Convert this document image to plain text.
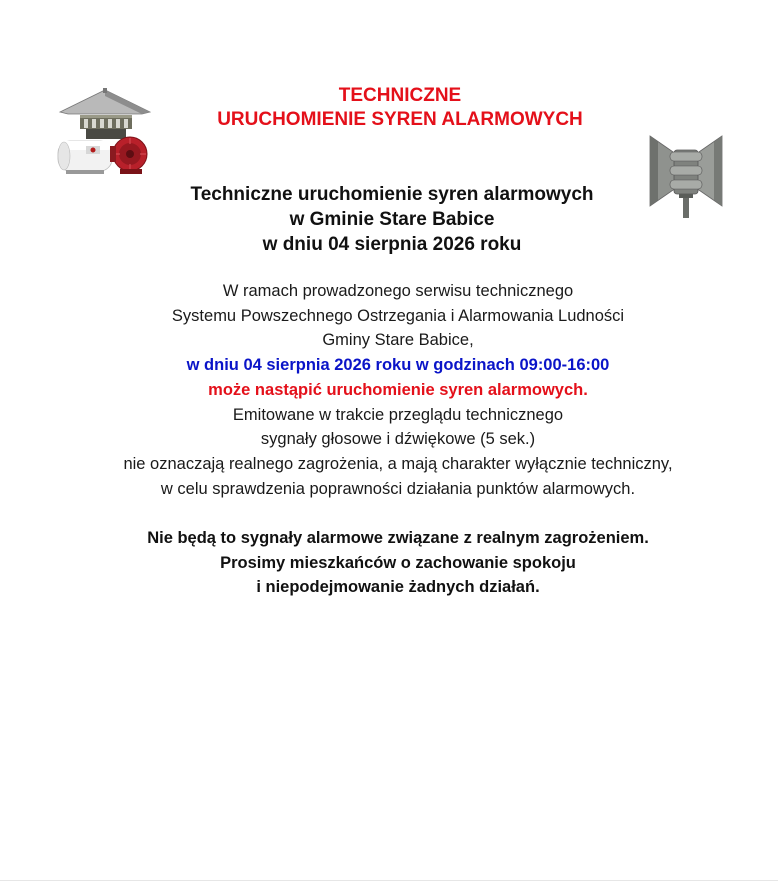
TECHNICZNE
URUCHOMIENIE SYREN ALARMOWYCH
Techniczne uruchomienie syren alarmowych
w Gminie Stare Babice
w dniu 04 sierpnia 2026 roku
W ramach prowadzonego serwisu technicznego
Systemu Powszechnego Ostrzegania i Alarmowania Ludności
Gminy Stare Babice,
w dniu 04 sierpnia 2026 roku w godzinach 09:00-16:00
może nastąpić uruchomienie syren alarmowych.
Emitowane w trakcie przeglądu technicznego
sygnały głosowe i dźwiękowe (5 sek.)
nie oznaczają realnego zagrożenia, a mają charakter wyłącznie techniczny,
w celu sprawdzenia poprawności działania punktów alarmowych.
Nie będą to sygnały alarmowe związane z realnym zagrożeniem.
Prosimy mieszkańców o zachowanie spokoju
i niepodejmowanie żadnych działań.
